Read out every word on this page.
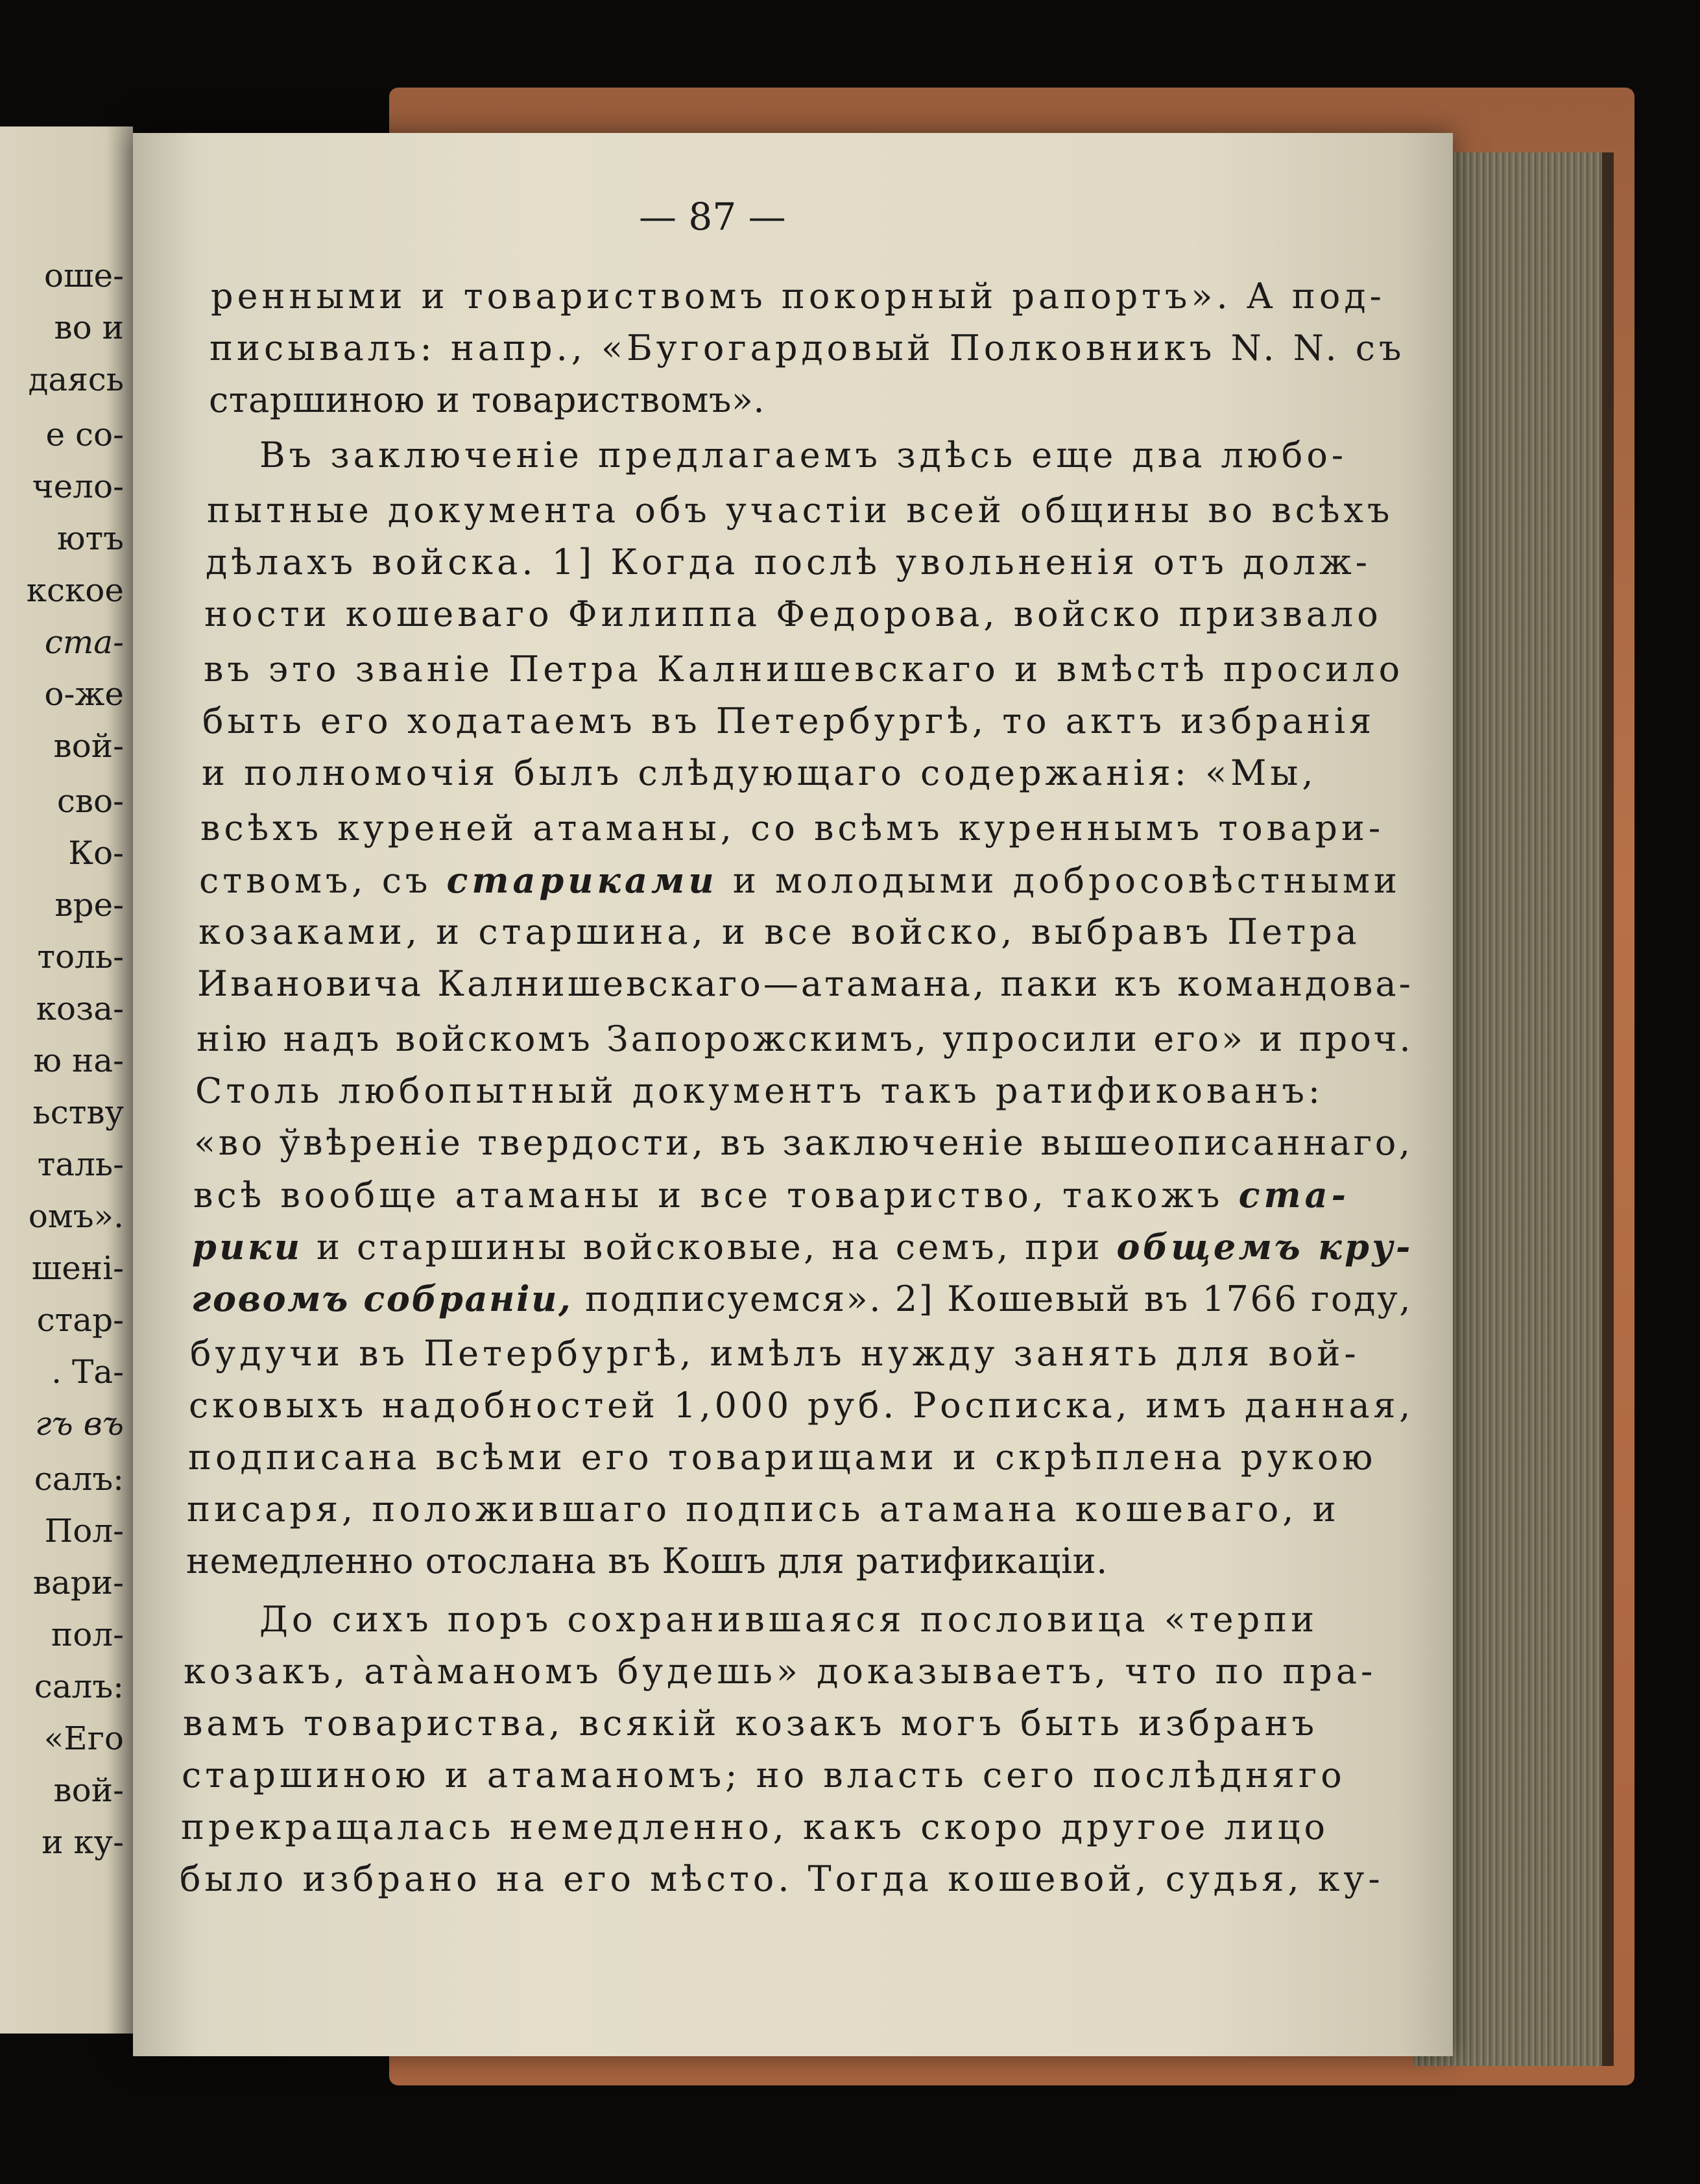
оше-
во и
даясь
е со-
чело-
ютъ
кское
ста-
о-же
вой-
сво-
Ко-
вре-
толь-
коза-
ю на-
ьству
таль-
омъ».
шені-
стар-
. Та-
гъ въ
салъ:
Пол-
вари-
пол-
салъ:
«Его
вой-
и ку-
— 87 —
ренными и товариствомъ покорный рапортъ». А под-
писывалъ: напр., «Бугогардовый Полковникъ N. N. съ
старшиною и товариствомъ».
Въ заключеніе предлагаемъ здѣсь еще два любо-
пытные документа объ участіи всей общины во всѣхъ
дѣлахъ войска. 1] Когда послѣ увольненія отъ долж-
ности кошеваго Филиппа Федорова, войско призвало
въ это званіе Петра Калнишевскаго и вмѣстѣ просило
быть его ходатаемъ въ Петербургѣ, то актъ избранія
и полномочія былъ слѣдующаго содержанія: «Мы,
всѣхъ куреней атаманы, со всѣмъ куреннымъ товари-
ствомъ, съ стариками и молодыми добросовѣстными
козаками, и старшина, и все войско, выбравъ Петра
Ивановича Калнишевскаго—атамана, паки къ командова-
нію надъ войскомъ Запорожскимъ, упросили его» и проч.
Столь любопытный документъ такъ ратификованъ:
«во ўвѣреніе твердости, въ заключеніе вышеописаннаго,
всѣ вообще атаманы и все товариство, такожъ ста-
рики и старшины войсковые, на семъ, при общемъ кру-
говомъ собраніи, подписуемся». 2] Кошевый въ 1766 году,
будучи въ Петербургѣ, имѣлъ нужду занять для вой-
сковыхъ надобностей 1,000 руб. Росписка, имъ данная,
подписана всѣми его товарищами и скрѣплена рукою
писаря, положившаго подпись атамана кошеваго, и
немедленно отослана въ Кошъ для ратификаціи.
До сихъ поръ сохранившаяся пословица «терпи
козакъ, ата̀маномъ будешь» доказываетъ, что по пра-
вамъ товариства, всякій козакъ могъ быть избранъ
старшиною и атаманомъ; но власть сего послѣдняго
прекращалась немедленно, какъ скоро другое лицо
было избрано на его мѣсто. Тогда кошевой, судья, ку-
